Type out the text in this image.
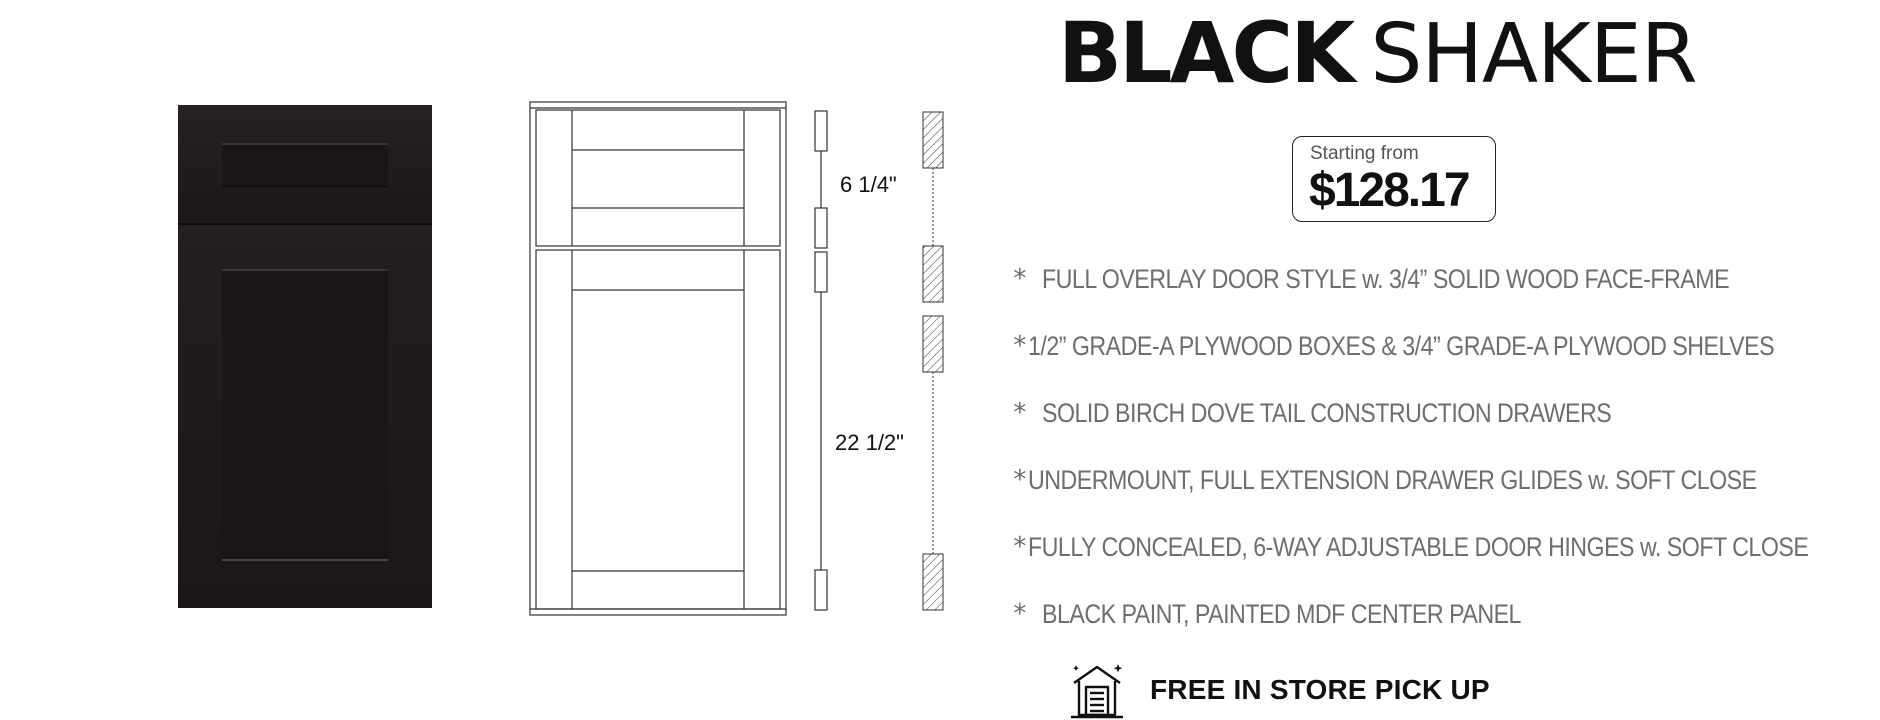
6 1/4"
22 1/2"
BLACK SHAKER
Starting from
$128.17
* FULL OVERLAY DOOR STYLE w. 3/4” SOLID WOOD FACE-FRAME
* 1/2” GRADE-A PLYWOOD BOXES & 3/4” GRADE-A PLYWOOD SHELVES
* SOLID BIRCH DOVE TAIL CONSTRUCTION DRAWERS
* UNDERMOUNT, FULL EXTENSION DRAWER GLIDES w. SOFT CLOSE
* FULLY CONCEALED, 6-WAY ADJUSTABLE DOOR HINGES w. SOFT CLOSE
* BLACK PAINT, PAINTED MDF CENTER PANEL
FREE IN STORE PICK UP
